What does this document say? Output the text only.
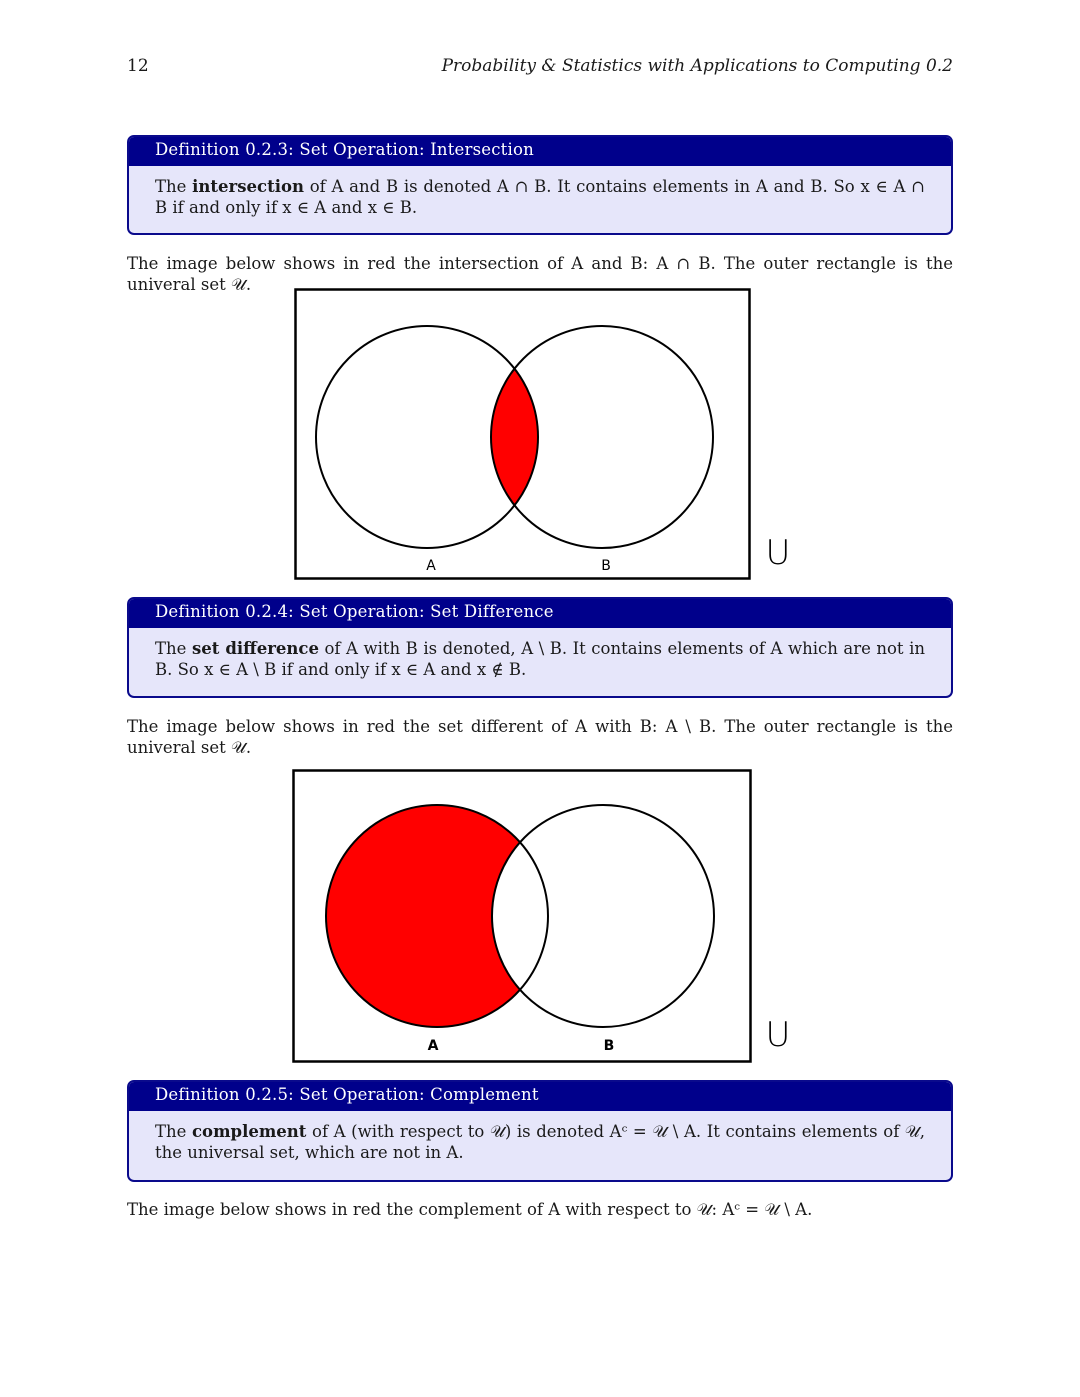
12	Probability & Statistics with Applications to Computing 0.2
Definition 0.2.3: Set Operation: Intersection
The intersection of A and B is denoted A ∩ B. It contains elements in A and B. So x ∈ A ∩ B if and only if x ∈ A and x ∈ B.
The image below shows in red the intersection of A and B: A ∩ B. The outer rectangle is the univeral set 𝒰.
A	B	U
Definition 0.2.4: Set Operation: Set Difference
The set difference of A with B is denoted, A \ B. It contains elements of A which are not in B. So x ∈ A \ B if and only if x ∈ A and x ∉ B.
The image below shows in red the set different of A with B: A \ B. The outer rectangle is the univeral set 𝒰.
A	B	U
Definition 0.2.5: Set Operation: Complement
The complement of A (with respect to 𝒰) is denoted Aᶜ = 𝒰 \ A. It contains elements of 𝒰, the universal set, which are not in A.
The image below shows in red the complement of A with respect to 𝒰: Aᶜ = 𝒰 \ A.
